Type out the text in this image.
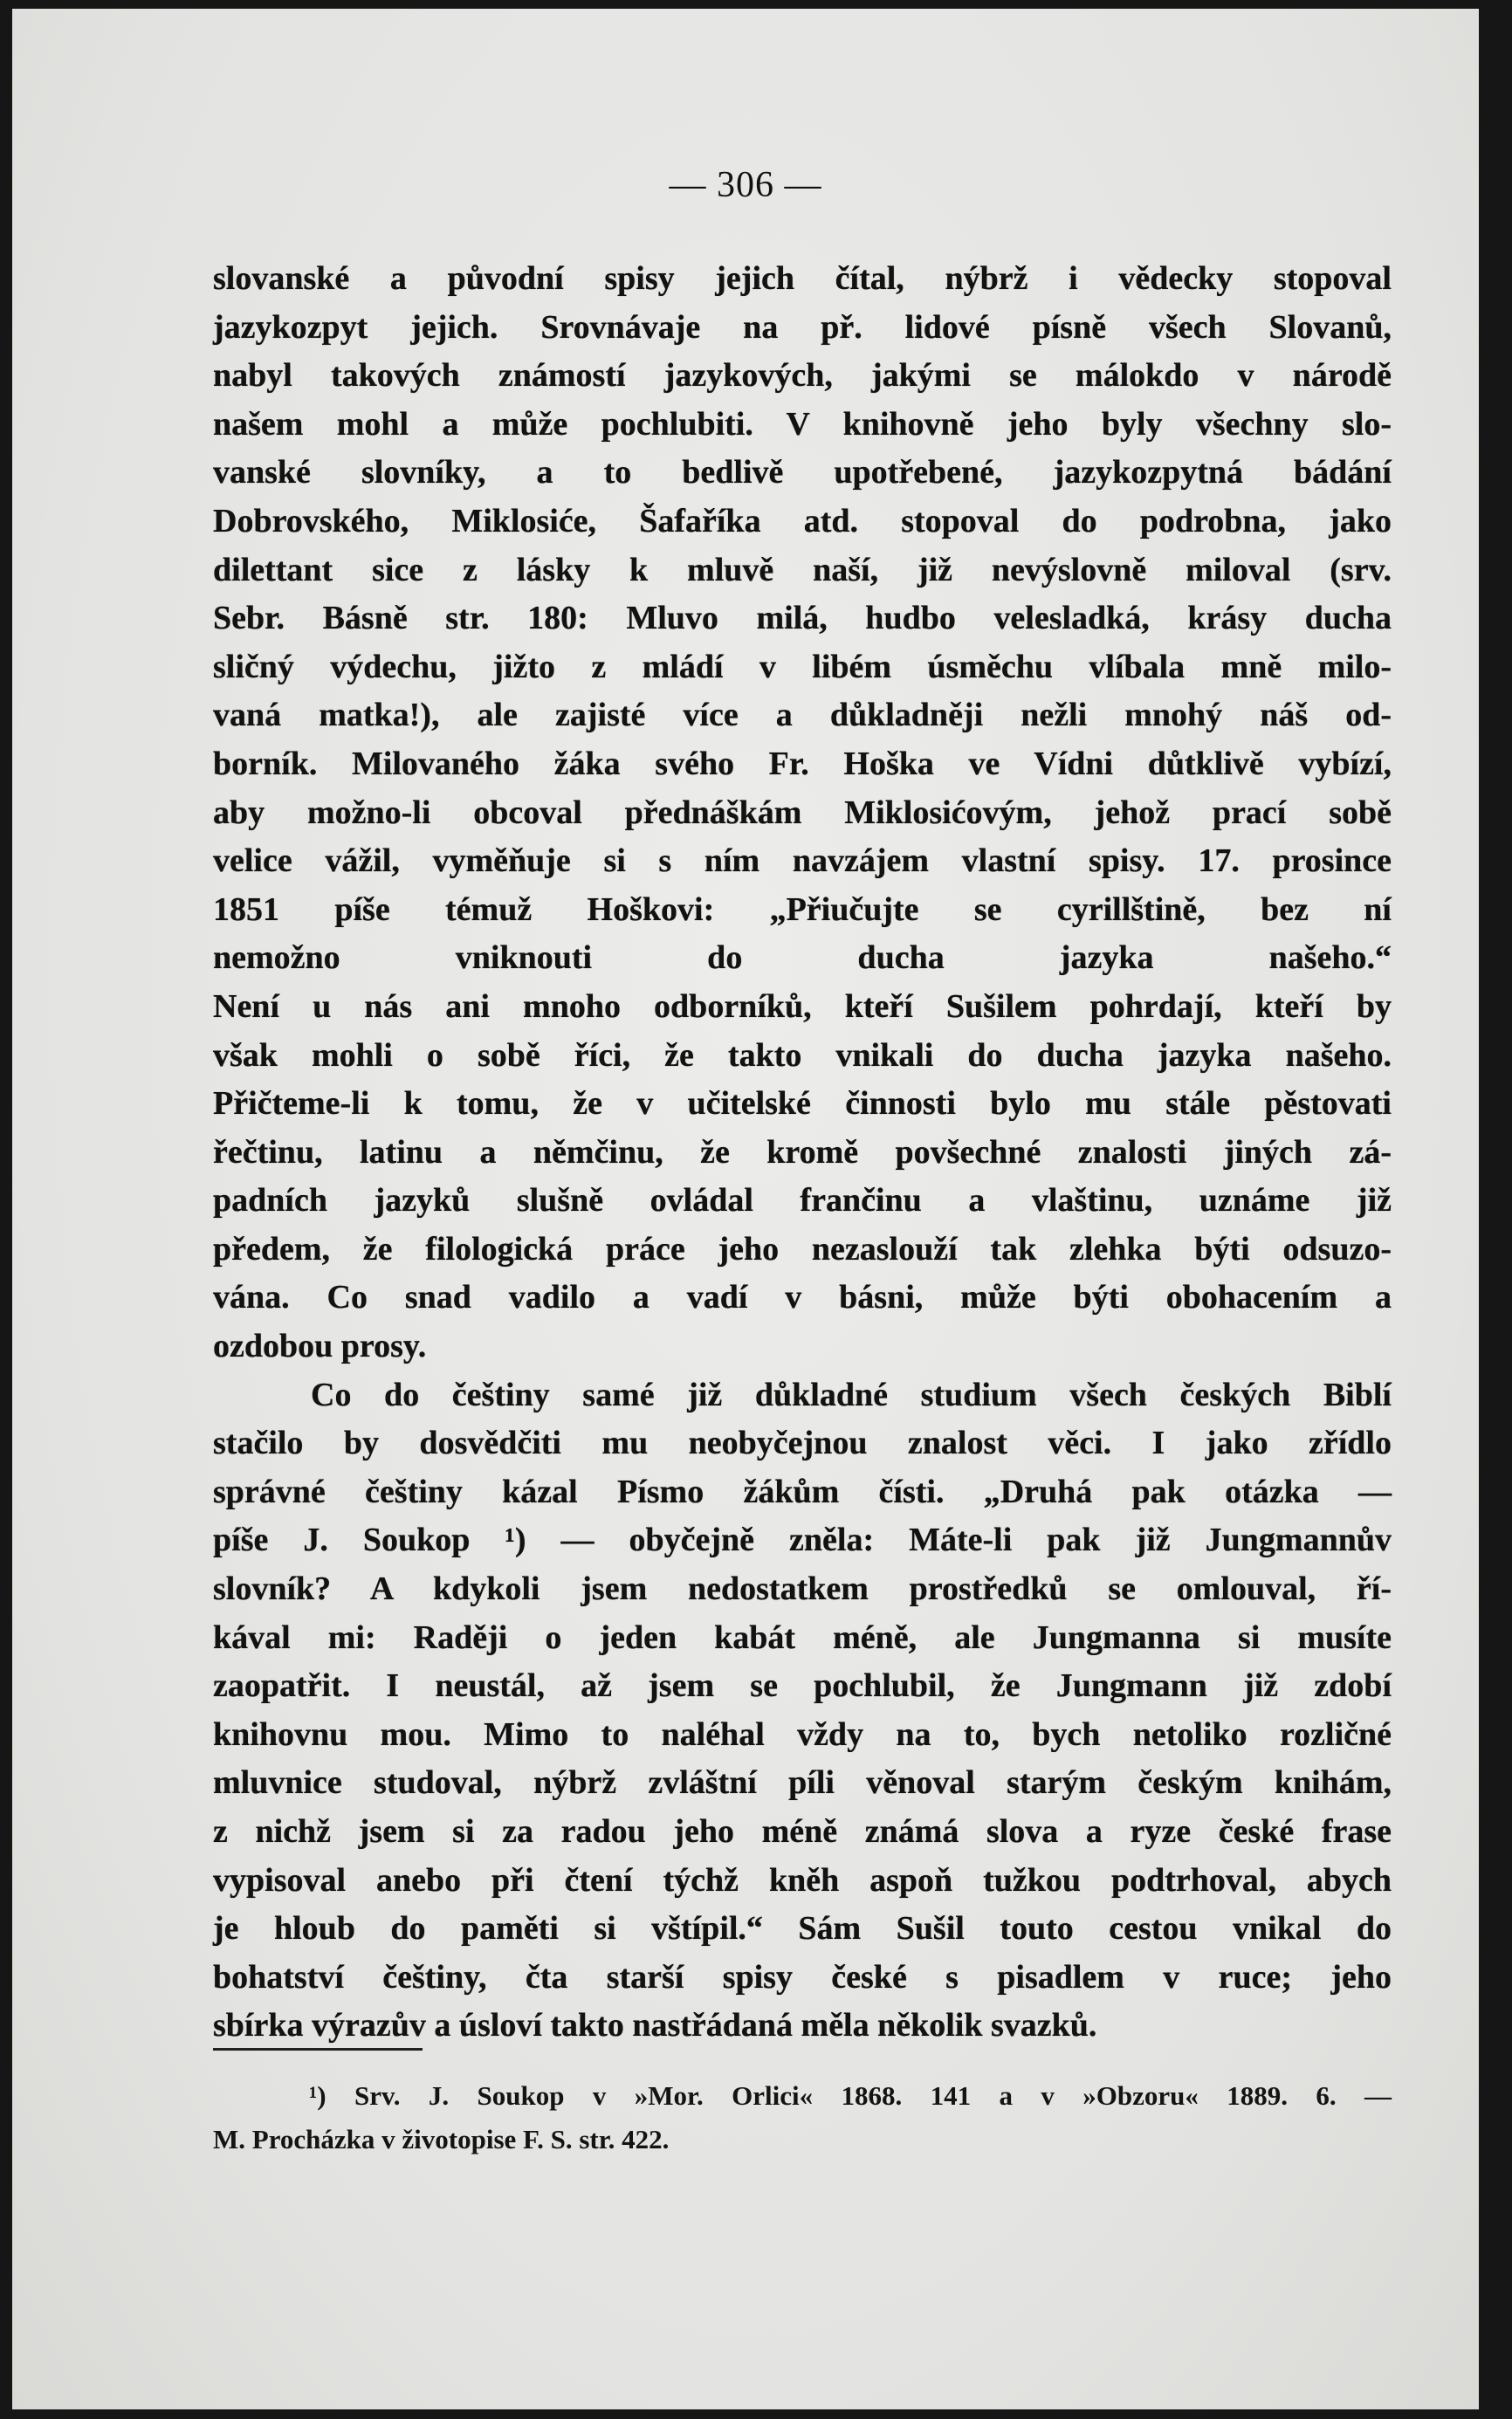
— 306 —
slovanské a původní spisy jejich čítal, nýbrž i vědecky stopoval
jazykozpyt jejich. Srovnávaje na př. lidové písně všech Slovanů,
nabyl takových známostí jazykových, jakými se málokdo v národě
našem mohl a může pochlubiti. V knihovně jeho byly všechny slo-
vanské slovníky, a to bedlivě upotřebené, jazykozpytná bádání
Dobrovského, Miklosiće, Šafaříka atd. stopoval do podrobna, jako
dilettant sice z lásky k mluvě naší, již nevýslovně miloval (srv.
Sebr. Básně str. 180: Mluvo milá, hudbo velesladká, krásy ducha
sličný výdechu, jižto z mládí v libém úsměchu vlíbala mně milo-
vaná matka!), ale zajisté více a důkladněji nežli mnohý náš od-
borník. Milovaného žáka svého Fr. Hoška ve Vídni důtklivě vybízí,
aby možno-li obcoval přednáškám Miklosićovým, jehož prací sobě
velice vážil, vyměňuje si s ním navzájem vlastní spisy. 17. prosince
1851 píše témuž Hoškovi: „Přiučujte se cyrillštině, bez ní
nemožno vniknouti do ducha jazyka našeho.“
Není u nás ani mnoho odborníků, kteří Sušilem pohrdají, kteří by
však mohli o sobě říci, že takto vnikali do ducha jazyka našeho.
Přičteme-li k tomu, že v učitelské činnosti bylo mu stále pěstovati
řečtinu, latinu a němčinu, že kromě povšechné znalosti jiných zá-
padních jazyků slušně ovládal frančinu a vlaštinu, uznáme již
předem, že filologická práce jeho nezaslouží tak zlehka býti odsuzo-
vána. Co snad vadilo a vadí v básni, může býti obohacením a
ozdobou prosy.
Co do češtiny samé již důkladné studium všech českých Biblí
stačilo by dosvědčiti mu neobyčejnou znalost věci. I jako zřídlo
správné češtiny kázal Písmo žákům čísti. „Druhá pak otázka —
píše J. Soukop ¹) — obyčejně zněla: Máte-li pak již Jungmannův
slovník? A kdykoli jsem nedostatkem prostředků se omlouval, ří-
kával mi: Raději o jeden kabát méně, ale Jungmanna si musíte
zaopatřit. I neustál, až jsem se pochlubil, že Jungmann již zdobí
knihovnu mou. Mimo to naléhal vždy na to, bych netoliko rozličné
mluvnice studoval, nýbrž zvláštní píli věnoval starým českým knihám,
z nichž jsem si za radou jeho méně známá slova a ryze české frase
vypisoval anebo při čtení týchž kněh aspoň tužkou podtrhoval, abych
je hloub do paměti si vštípil.“ Sám Sušil touto cestou vnikal do
bohatství češtiny, čta starší spisy české s pisadlem v ruce; jeho
sbírka výrazův a úsloví takto nastřádaná měla několik svazků.
¹) Srv. J. Soukop v »Mor. Orlici« 1868. 141 a v »Obzoru« 1889. 6. —
M. Procházka v životopise F. S. str. 422.
